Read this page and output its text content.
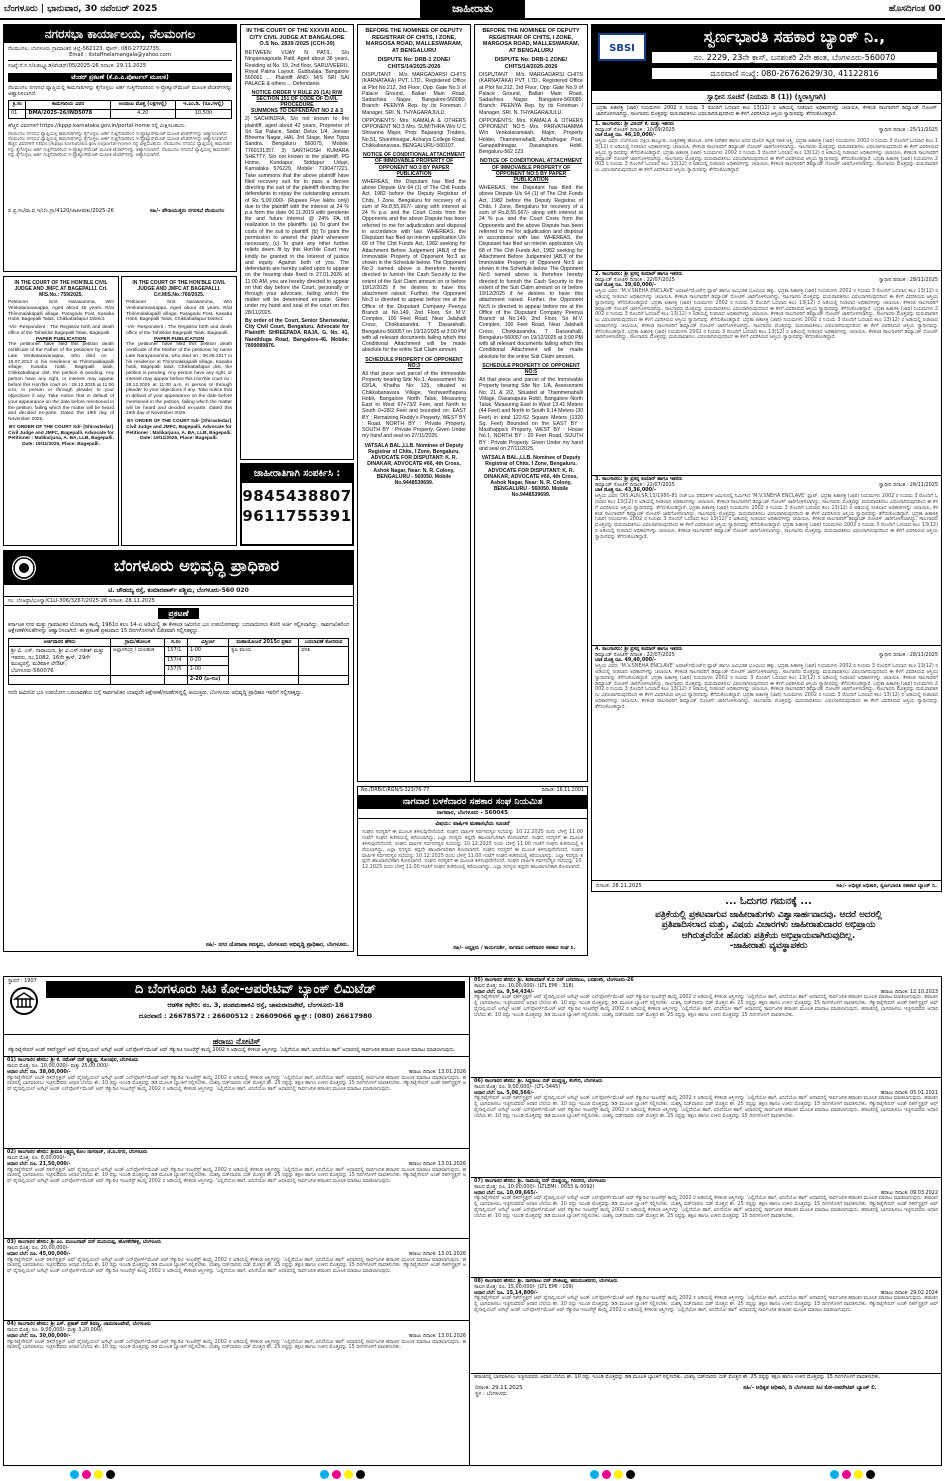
ಬೆಂಗಳೂರು | ಭಾನುವಾರ, 30 ನವೆಂಬರ್ 2025	ಜಾಹೀರಾತು	ಹೊಸದಿಗಂತ 00
ನಗರಸಭಾ ಕಾರ್ಯಾಲಯ, ನೆಲಮಂಗಲ
ನೆಲಮಂಗಲ, ಬೆಂಗಳೂರು ಗ್ರಾಮಾಂತರ ಜಿಲ್ಲೆ-562123, ಫೋನ್: 080-27722735,
Email : itstaffnelamangala@yahoo.com
ಸಂಖ್ಯೆ:ನೆ.ನ.ಸ/ಪಿಡಬ್ಲ್ಯೂಡಿ/ಟೆಂಡರ್/05/2025-26 ದಿನಾಂಕ: 29.11.2025
ಟೆಂಡರ್ ಪ್ರಕಟಣೆ (ಕೆ.ಪಿ.ಪಿ.ಪೋರ್ಟಲ್ ಮೂಲಕ)
ನೆಲಮಂಗಲ ನಗರಸಭೆ ವ್ಯಾಪ್ತಿಯಲ್ಲಿ ಕಾಮಗಾರಿಗಳನ್ನು ಕೈಗೊಳ್ಳಲು ಅರ್ಹ ಗುತ್ತಿಗೆದಾರರಿಂದ ಇ-ಪ್ರೊಕ್ಯೂರ್‌ಮೆಂಟ್ ಮೂಲಕ ಟೆಂಡರ್‌ಗಳನ್ನು ಆಹ್ವಾನಿಸಲಾಗಿದೆ.
ಕ್ರ.ಸಂ	ಕಾಮಗಾರಿಯ ವಿವರ	ಅಂದಾಜು ಮೊತ್ತ (ಲಕ್ಷಗಳಲ್ಲಿ)	ಇ.ಎಂ.ಡಿ. (ರೂ.ಗಳಲ್ಲಿ)
01	DMA/2025-26/IND5078	4.20	10,500
ಹೆಚ್ಚಿನ ವಿವರಗಳಿಗೆ https://kppp.karnataka.gov.in/portal-home ನಲ್ಲಿ ವೀಕ್ಷಿಸಬಹುದು.
ನೆಲಮಂಗಲ ನಗರಸಭೆ ವ್ಯಾಪ್ತಿಯಲ್ಲಿ ಕಾಮಗಾರಿಗಳನ್ನು ಕೈಗೊಳ್ಳಲು ಅರ್ಹ ಗುತ್ತಿಗೆದಾರರಿಂದ ಇ-ಪ್ರೊಕ್ಯೂರ್‌ಮೆಂಟ್ ಮೂಲಕ ಟೆಂಡರ್‌ಗಳನ್ನು ಆಹ್ವಾನಿಸಲಾಗಿದೆ. ನೆಲಮಂಗಲ ನಗರಸಭೆ ವ್ಯಾಪ್ತಿಯಲ್ಲಿ ಕಾಮಗಾರಿಗಳನ್ನು ಕೈಗೊಳ್ಳಲು ಅರ್ಹ ಗುತ್ತಿಗೆದಾರರಿಂದ ಇ-ಪ್ರೊಕ್ಯೂರ್‌ಮೆಂಟ್ ಮೂಲಕ ಟೆಂಡರ್‌ಗಳನ್ನು ಆಹ್ವಾನಿಸಲಾಗಿದೆ. ಹೆಚ್ಚಿನ ವಿವರಗಳಿಗೆ https://kppp.karnataka.gov.in/portal-home ನಲ್ಲಿ ವೀಕ್ಷಿಸಬಹುದು. ನೆಲಮಂಗಲ ನಗರಸಭೆ ವ್ಯಾಪ್ತಿಯಲ್ಲಿ ಕಾಮಗಾರಿಗಳನ್ನು ಕೈಗೊಳ್ಳಲು ಅರ್ಹ ಗುತ್ತಿಗೆದಾರರಿಂದ ಇ-ಪ್ರೊಕ್ಯೂರ್‌ಮೆಂಟ್ ಮೂಲಕ ಟೆಂಡರ್‌ಗಳನ್ನು ಆಹ್ವಾನಿಸಲಾಗಿದೆ. ನೆಲಮಂಗಲ ನಗರಸಭೆ ವ್ಯಾಪ್ತಿಯಲ್ಲಿ ಕಾಮಗಾರಿಗಳನ್ನು ಕೈಗೊಳ್ಳಲು ಅರ್ಹ ಗುತ್ತಿಗೆದಾರರಿಂದ ಇ-ಪ್ರೊಕ್ಯೂರ್‌ಮೆಂಟ್ ಮೂಲಕ ಟೆಂಡರ್‌ಗಳನ್ನು ಆಹ್ವಾನಿಸಲಾಗಿದೆ.
ಪ.ಪ್ರ.ಸಂ/ವಾ.ವ.ಇ/ಬೆಂ.ಗ್ರಾ/4120/ಜಾಹೀರಾತು/2025-26	ಸಹಿ/- ಪೌರಾಯುಕ್ತರು ನಗರಸಭೆ ನೆಲಮಂಗಲ
IN THE COURT OF THE XXXVIII ADDL. CITY CIVIL JUDGE AT BANGALORE O.S No. 2839 /2025 (CCH-39)
BETWEEN: VIJAY N PATIL, S/o Ningannagouda Patil, Aged about 36 years, Residing at No. 19, 2nd floor, SARU/VEERU, Royal Palms Layout, Gubbalala, Bangalore 560061 ... Plaintiff AND: M/S SRI SAI PALACE & others ... Defendants
NOTICE ORDER V RULE 20 (1A) R/W SECTION 151 OF CODE OF CIVIL PROCEDURE
SUMMONS TO DEFENDANT NO 2 & 3
2) SACHINDRA, S/o not known to the plaintiff, aged about 42 years, Proprietor of Sri Sai Palace, Sadar Delux 1/4, Jeevan Bheema Nagar, HAL 3rd Stage, New Tippa Sandra, Bengaluru 560075, Mobile: 7760131357. 3) SANTHOSH KUMARA SHETTY, S/o not known to the plaintiff, PG Home, Kundapur, Siddapur Udupi, Karnataka 576229, Mobile: 7190477221. Take summons that the above plaintiff have filed recovery suit for to pass a decree directing the suit of the plaintiff directing the defendants to repay the outstanding amount of Rs 5,00,000/- (Rupees Five lakhs only) due to the plaintiff with the interest at 24 % p.a form the date 06.11.2019 with pendente lite and future interest @ 24% PA till realization to the plaintiffs. (a) To grant the costs of the suit to plaintiff. (b) To grant the permission to amend the plaint whenever necessary. (c) To grant any other further reliefs deem fit by this Hon'ble Court may kindly be granted in the interest of justice and equity. Against both of you. The defendants are hereby called upon to appear on the hearing date fixed in 27.01.2026 at 11:00 AM, you are hereby directed to appear on that day before the Court, personally or through your advocate, failing which the matter will be determined ex-parte. Given under my hand and seal of the court on this 28/11/2025.
By order of the Court, Senior Sheristedar, City Civil Court, Bengaluru. Advocate for Plaintiff: SHREEPADA RAJA. G, No. 41, Nandiduga Road, Bangalore-46, Mobile: 7899089876.
BEFORE THE NOMINEE OF DEPUTY REGISTRAR OF CHITS, I ZONE, MARGOSA ROAD, MALLESWARAM, AT BENGALURU
DISPUTE No: DRB-1 ZONE/ CHITS/14/2025-2026
DISPUTANT : M/s. MARGADARSI CHITS (KARNATAKA) PVT. LTD., Registered Office at Plot No.212, 3rd Floor, Opp: Gate No.9 of Palace Ground, Ballari Main Road, Sadashiva Nagar, Bangalore-560080. Branch: PEENYA Rep. by its Foreman / Manager, SRI. N. THYAGARAJULU.
OPPONENTS: Mrs. KAMALA & OTHERS OPPONENT NO:3 Mrs. SUMITHRA W/o U C Shivanna Major, Prop: Bajarangi Traders, No.51, Shanthinagar, Acharya College Road, Chikkabanavara, BENGALURU-560107.
NOTICE OF CONDITIONAL ATTACHMENT OF IMMOVABLE PROPERTY OF OPPONENT NO:3 BY PAPER PUBLICATION
WHEREAS, the Disputant has filed the above Dispute U/s 64 (1) of The Chit Funds Act, 1982 before the Deputy Registrar of Chits, I Zone, Bengaluru for recovery of a sum of Rs.8,55,667/- along with interest at 24 % p.a. and the Court Costs from the Opponents and the above Dispute has been referred to me for adjudication and disposal in accordance with law. WHEREAS, the Disputant has filed an interim application U/s 68 of The Chit Funds Act, 1982 seeking for Attachment Before Judgement (ABJ) of the Immovable Property of Opponent No:3 as shown in the Schedule below. The Opponent No:3 named above is therefore hereby directed to furnish the Cash Security to the extent of the Suit Claim amount on or before 19/12/2025 if he desires to have this attachment raised. Further, the Opponent No:3 is directed to appear before me at the Office of the Disputant Company Peenya Branch at No.149, 2nd Floor, Sri M.V. Complex, 100 Feet Road, Near Jalahalli Cross, Chokkasandra, T Dasarahalli, Bengaluru-560057 on 19/12/2025 at 3:00 PM with all relevant documents failing which this Conditional Attachment will be made absolute for the entire Suit Claim amount.
SCHEDULE PROPERTY OF OPPONENT NO:3
All that piece and parcel of the Immovable Property bearing Site No.1, Assessment No: 63/1A, Khatha No: 125, situated at Chikkabanavara Village, Yeshwanthapura Hobli, Bangalore North Taluk, Measuring East to West 67+73/2 Feet, and North to South 0+28/2 Feet and bounded on: EAST BY : Remaining Reddy's Property, WEST BY : Road, NORTH BY : Private Property, SOUTH BY : Private Property. Given Under my hand and seal on 27/11/2025.
VATSALA BAL.,LLB. Nominee of Deputy Registrar of Chits, I Zone, Bengaluru. ADVOCATE FOR DISPUTANT: K. R. DINAKAR, ADVOCATE #66, 4th Cross, Ashok Nagar, Near: N. R. Colony, BENGALURU - 560050. Mobile No.9448539699.
BEFORE THE NOMINEE OF DEPUTY REGISTRAR OF CHITS, I ZONE, MARGOSA ROAD, MALLESWARAM, AT BENGALURU
DISPUTE No: DRB-1 ZONE/ CHITS/14/2025-2026
DISPUTANT : M/s. MARGADARSI CHITS (KARNATAKA) PVT. LTD., Registered Office at Plot No.212, 3rd Floor, Opp: Gate No.9 of Palace Ground, Ballari Main Road, Sadashiva Nagar, Bangalore-560080. Branch: PEENYA Rep. by its Foreman / Manager, SRI. N. THYAGARAJULU.
OPPONENTS: Mrs. KAMALA & OTHERS OPPONENT NO:5 Mrs. PARVATHAMMA W/o Venkataramaiah, Major, Property Holder, Thammenahalli, Adhuthugar Post, Ganapathinagar, Dasanapura Hobli, Bengaluru-562 123.
NOTICE OF CONDITIONAL ATTACHMENT OF IMMOVABLE PROPERTY OF OPPONENT NO:5 BY PAPER PUBLICATION
WHEREAS, the Disputant has filed the above Dispute U/s 64 (1) of The Chit Funds Act, 1982 before the Deputy Registrar of Chits, I Zone, Bengaluru for recovery of a sum of Rs.8,55,667/- along with interest at 24 % p.a. and the Court Costs from the Opponents and the above Dispute has been referred to me for adjudication and disposal in accordance with law. WHEREAS, the Disputant has filed an interim application U/s 68 of The Chit Funds Act, 1982 seeking for Attachment Before Judgement (ABJ) of the Immovable Property of Opponent No:5 as shown in the Schedule below. The Opponent No:5 named above is therefore hereby directed to furnish the Cash Security to the extent of the Suit Claim amount on or before 19/12/2025 if he desires to have this attachment raised. Further, the Opponent No:5 is directed to appear before me at the Office of the Disputant Company Peenya Branch at No.149, 2nd Floor, Sri M.V. Complex, 100 Feet Road, Near Jalahalli Cross, Chokkasandra, T Dasarahalli, Bengaluru-560057 on 19/12/2025 at 3:00 PM with all relevant documents failing which this Conditional Attachment will be made absolute for the entire Suit Claim amount.
SCHEDULE PROPERTY OF OPPONENT NO:5
All that piece and parcel of the Immovable Property bearing Site No: 1/A, Assessment No: 21 & 2/2, Situated at Thammenahalli Village, Dasanapura Hobli, Bangalore North Taluk, Measuring East to West 13.41 Meters (44 Feet) and North to South 9.14 Meters (30 Feet) in total 122.62 Square Meters (1320 Sq. Feet) Bounded on the EAST BY : Masthappa's Property, WEST BY : House No.1, NORTH BY : 20 Feet Road, SOUTH BY : Private Property. Given Under my hand and seal on 27/11/2025.
VATSALA BAL.,LLB. Nominee of Deputy Registrar of Chits, I Zone, Bengaluru. ADVOCATE FOR DISPUTANT: K. R. DINAKAR, ADVOCATE #66, 4th Cross, Ashok Nagar, Near: N. R. Colony, BENGALURU - 560050. Mobile No.9448539699.
SBSI
ಸ್ವರ್ಣಭಾರತಿ ಸಹಕಾರ ಬ್ಯಾಂಕ್ ನಿ.,
ನಂ. 2229, 23ನೇ ಕ್ರಾಸ್, ಬನಶಂಕರಿ 2ನೇ ಹಂತ, ಬೆಂಗಳೂರು-560070
ದೂರವಾಣಿ ಸಂಖ್ಯೆ: 080-26762629/30, 41122816
ಸ್ವಾಧೀನ ಸೂಚನೆ (ನಿಯಮ 8 (1)) (ಸ್ಥಿರಾಸ್ತಿಗಾಗಿ)
ಭದ್ರತಾ ಹಿತಾಸಕ್ತಿ (ಜಾರಿ) ನಿಯಮಗಳು 2002 ರ ನಿಯಮ 3 ರೊಂದಿಗೆ ಓದಲಾದ ಕಲಂ 13(12) ರ ಅಡಿಯಲ್ಲಿ ನೀಡಲಾದ ಅಧಿಕಾರಗಳನ್ನು ಚಲಾಯಿಸಿ, ಕೆಳಕಂಡ ಸಾಲಗಾರರಿಗೆ ಡಿಮ್ಯಾಂಡ್ ನೋಟಿಸ್ ಜಾರಿಗೊಳಿಸಲಾಗಿದ್ದು, ಸಾಲಗಾರರು ಮೊತ್ತವನ್ನು ಮರುಪಾವತಿಸಲು ವಿಫಲರಾಗಿರುವುದರಿಂದ ಈ ಕೆಳಗೆ ವಿವರಿಸಿರುವ ಆಸ್ತಿಯ ಸ್ವಾಧೀನವನ್ನು ತೆಗೆದುಕೊಂಡಿದ್ದಾರೆ.
1. ಸಾಲಗಾರರು: ಶ್ರೀ ವಿನಯ್ ಕೆ. ಮತ್ತು ಇತರರು
ಡಿಮ್ಯಾಂಡ್ ನೋಟಿಸ್ ದಿನಾಂಕ : 10/09/2025	ಸ್ವಾಧೀನ ದಿನಾಂಕ : 25/11/2025
ಬಾಕಿ ಮೊತ್ತ ರೂ. 46,10,000/-
ಆಸ್ತಿಯ ವಿವರ: ಬೆಂಗಳೂರು ದಕ್ಷಿಣ ತಾಲ್ಲೂಕು, ಉತ್ತರಹಳ್ಳಿ ಹೋಬಳಿ, ವಸತಿ ನಿವೇಶನ ಹಾಗೂ ಅದರ ಮೇಲಿನ ಕಟ್ಟಡ ಸಹಿತ ಆಸ್ತಿ. ಭದ್ರತಾ ಹಿತಾಸಕ್ತಿ (ಜಾರಿ) ನಿಯಮಗಳು 2002 ರ ನಿಯಮ 3 ರೊಂದಿಗೆ ಓದಲಾದ ಕಲಂ 13(12) ರ ಅಡಿಯಲ್ಲಿ ನೀಡಲಾದ ಅಧಿಕಾರಗಳನ್ನು ಚಲಾಯಿಸಿ, ಕೆಳಕಂಡ ಸಾಲಗಾರರಿಗೆ ಡಿಮ್ಯಾಂಡ್ ನೋಟಿಸ್ ಜಾರಿಗೊಳಿಸಲಾಗಿದ್ದು, ಸಾಲಗಾರರು ಮೊತ್ತವನ್ನು ಮರುಪಾವತಿಸಲು ವಿಫಲರಾಗಿರುವುದರಿಂದ ಈ ಕೆಳಗೆ ವಿವರಿಸಿರುವ ಆಸ್ತಿಯ ಸ್ವಾಧೀನವನ್ನು ತೆಗೆದುಕೊಂಡಿದ್ದಾರೆ. ಭದ್ರತಾ ಹಿತಾಸಕ್ತಿ (ಜಾರಿ) ನಿಯಮಗಳು 2002 ರ ನಿಯಮ 3 ರೊಂದಿಗೆ ಓದಲಾದ ಕಲಂ 13(12) ರ ಅಡಿಯಲ್ಲಿ ನೀಡಲಾದ ಅಧಿಕಾರಗಳನ್ನು ಚಲಾಯಿಸಿ, ಕೆಳಕಂಡ ಸಾಲಗಾರರಿಗೆ ಡಿಮ್ಯಾಂಡ್ ನೋಟಿಸ್ ಜಾರಿಗೊಳಿಸಲಾಗಿದ್ದು, ಸಾಲಗಾರರು ಮೊತ್ತವನ್ನು ಮರುಪಾವತಿಸಲು ವಿಫಲರಾಗಿರುವುದರಿಂದ ಈ ಕೆಳಗೆ ವಿವರಿಸಿರುವ ಆಸ್ತಿಯ ಸ್ವಾಧೀನವನ್ನು ತೆಗೆದುಕೊಂಡಿದ್ದಾರೆ. ಭದ್ರತಾ ಹಿತಾಸಕ್ತಿ (ಜಾರಿ) ನಿಯಮಗಳು 2002 ರ ನಿಯಮ 3 ರೊಂದಿಗೆ ಓದಲಾದ ಕಲಂ 13(12) ರ ಅಡಿಯಲ್ಲಿ ನೀಡಲಾದ ಅಧಿಕಾರಗಳನ್ನು ಚಲಾಯಿಸಿ, ಕೆಳಕಂಡ ಸಾಲಗಾರರಿಗೆ ಡಿಮ್ಯಾಂಡ್ ನೋಟಿಸ್ ಜಾರಿಗೊಳಿಸಲಾಗಿದ್ದು, ಸಾಲಗಾರರು ಮೊತ್ತವನ್ನು ಮರುಪಾವತಿಸಲು ವಿಫಲರಾಗಿರುವುದರಿಂದ ಈ ಕೆಳಗೆ ವಿವರಿಸಿರುವ ಆಸ್ತಿಯ ಸ್ವಾಧೀನವನ್ನು ತೆಗೆದುಕೊಂಡಿದ್ದಾರೆ.
2. ಸಾಲಗಾರರು: ಶ್ರೀ ಪ್ರಸನ್ನ ಕುಮಾರ್ ಹಾಗೂ ಇತರರು
ಡಿಮ್ಯಾಂಡ್ ನೋಟಿಸ್ ದಿನಾಂಕ : 22/07/2025	ಸ್ವಾಧೀನ ದಿನಾಂಕ : 28/11/2025
ಬಾಕಿ ಮೊತ್ತ ರೂ. 39,60,000/-
ಆಸ್ತಿಯ ವಿವರ: 'M.V.SNEHA ENCLAVE' ಅಪಾರ್ಟ್‌ಮೆಂಟ್‌ನ ಫ್ಲಾಟ್ ಹಾಗೂ ಅವಿಭಜಿತ ಭೂಮಿಯ ಹಕ್ಕು. ಭದ್ರತಾ ಹಿತಾಸಕ್ತಿ (ಜಾರಿ) ನಿಯಮಗಳು 2002 ರ ನಿಯಮ 3 ರೊಂದಿಗೆ ಓದಲಾದ ಕಲಂ 13(12) ರ ಅಡಿಯಲ್ಲಿ ನೀಡಲಾದ ಅಧಿಕಾರಗಳನ್ನು ಚಲಾಯಿಸಿ, ಕೆಳಕಂಡ ಸಾಲಗಾರರಿಗೆ ಡಿಮ್ಯಾಂಡ್ ನೋಟಿಸ್ ಜಾರಿಗೊಳಿಸಲಾಗಿದ್ದು, ಸಾಲಗಾರರು ಮೊತ್ತವನ್ನು ಮರುಪಾವತಿಸಲು ವಿಫಲರಾಗಿರುವುದರಿಂದ ಈ ಕೆಳಗೆ ವಿವರಿಸಿರುವ ಆಸ್ತಿಯ ಸ್ವಾಧೀನವನ್ನು ತೆಗೆದುಕೊಂಡಿದ್ದಾರೆ. ಭದ್ರತಾ ಹಿತಾಸಕ್ತಿ (ಜಾರಿ) ನಿಯಮಗಳು 2002 ರ ನಿಯಮ 3 ರೊಂದಿಗೆ ಓದಲಾದ ಕಲಂ 13(12) ರ ಅಡಿಯಲ್ಲಿ ನೀಡಲಾದ ಅಧಿಕಾರಗಳನ್ನು ಚಲಾಯಿಸಿ, ಕೆಳಕಂಡ ಸಾಲಗಾರರಿಗೆ ಡಿಮ್ಯಾಂಡ್ ನೋಟಿಸ್ ಜಾರಿಗೊಳಿಸಲಾಗಿದ್ದು, ಸಾಲಗಾರರು ಮೊತ್ತವನ್ನು ಮರುಪಾವತಿಸಲು ವಿಫಲರಾಗಿರುವುದರಿಂದ ಈ ಕೆಳಗೆ ವಿವರಿಸಿರುವ ಆಸ್ತಿಯ ಸ್ವಾಧೀನವನ್ನು ತೆಗೆದುಕೊಂಡಿದ್ದಾರೆ. ಭದ್ರತಾ ಹಿತಾಸಕ್ತಿ (ಜಾರಿ) ನಿಯಮಗಳು 2002 ರ ನಿಯಮ 3 ರೊಂದಿಗೆ ಓದಲಾದ ಕಲಂ 13(12) ರ ಅಡಿಯಲ್ಲಿ ನೀಡಲಾದ ಅಧಿಕಾರಗಳನ್ನು ಚಲಾಯಿಸಿ, ಕೆಳಕಂಡ ಸಾಲಗಾರರಿಗೆ ಡಿಮ್ಯಾಂಡ್ ನೋಟಿಸ್ ಜಾರಿಗೊಳಿಸಲಾಗಿದ್ದು, ಸಾಲಗಾರರು ಮೊತ್ತವನ್ನು ಮರುಪಾವತಿಸಲು ವಿಫಲರಾಗಿರುವುದರಿಂದ ಈ ಕೆಳಗೆ ವಿವರಿಸಿರುವ ಆಸ್ತಿಯ ಸ್ವಾಧೀನವನ್ನು ತೆಗೆದುಕೊಂಡಿದ್ದಾರೆ. ಭದ್ರತಾ ಹಿತಾಸಕ್ತಿ (ಜಾರಿ) ನಿಯಮಗಳು 2002 ರ ನಿಯಮ 3 ರೊಂದಿಗೆ ಓದಲಾದ ಕಲಂ 13(12) ರ ಅಡಿಯಲ್ಲಿ ನೀಡಲಾದ ಅಧಿಕಾರಗಳನ್ನು ಚಲಾಯಿಸಿ, ಕೆಳಕಂಡ ಸಾಲಗಾರರಿಗೆ ಡಿಮ್ಯಾಂಡ್ ನೋಟಿಸ್ ಜಾರಿಗೊಳಿಸಲಾಗಿದ್ದು, ಸಾಲಗಾರರು ಮೊತ್ತವನ್ನು ಮರುಪಾವತಿಸಲು ವಿಫಲರಾಗಿರುವುದರಿಂದ ಈ ಕೆಳಗೆ ವಿವರಿಸಿರುವ ಆಸ್ತಿಯ ಸ್ವಾಧೀನವನ್ನು ತೆಗೆದುಕೊಂಡಿದ್ದಾರೆ. ಭದ್ರತಾ ಹಿತಾಸಕ್ತಿ (ಜಾರಿ) ನಿಯಮಗಳು 2002 ರ ನಿಯಮ 3 ರೊಂದಿಗೆ ಓದಲಾದ ಕಲಂ 13(12) ರ ಅಡಿಯಲ್ಲಿ ನೀಡಲಾದ ಅಧಿಕಾರಗಳನ್ನು ಚಲಾಯಿಸಿ, ಕೆಳಕಂಡ ಸಾಲಗಾರರಿಗೆ ಡಿಮ್ಯಾಂಡ್ ನೋಟಿಸ್ ಜಾರಿಗೊಳಿಸಲಾಗಿದ್ದು, ಸಾಲಗಾರರು ಮೊತ್ತವನ್ನು ಮರುಪಾವತಿಸಲು ವಿಫಲರಾಗಿರುವುದರಿಂದ ಈ ಕೆಳಗೆ ವಿವರಿಸಿರುವ ಆಸ್ತಿಯ ಸ್ವಾಧೀನವನ್ನು ತೆಗೆದುಕೊಂಡಿದ್ದಾರೆ.
3. ಸಾಲಗಾರರು: ಶ್ರೀ ಪ್ರಸನ್ನ ಕುಮಾರ್ ಹಾಗೂ ಇತರರು
ಡಿಮ್ಯಾಂಡ್ ನೋಟಿಸ್ ದಿನಾಂಕ : 22/07/2025	ಸ್ವಾಧೀನ ದಿನಾಂಕ : 28/11/2025
ಬಾಕಿ ಮೊತ್ತ ರೂ. 43,36,000/-
ಆಸ್ತಿಯ ವಿವರ: DIS.ALN.SR.13/1980-81 ರಂತೆ ಭೂ ಪರಿವರ್ತಿತ ಜಮೀನಿನಲ್ಲಿ ನಿರ್ಮಿಸಿದ 'M.V.SNEHA ENCLAVE' ಫ್ಲಾಟ್. ಭದ್ರತಾ ಹಿತಾಸಕ್ತಿ (ಜಾರಿ) ನಿಯಮಗಳು 2002 ರ ನಿಯಮ 3 ರೊಂದಿಗೆ ಓದಲಾದ ಕಲಂ 13(12) ರ ಅಡಿಯಲ್ಲಿ ನೀಡಲಾದ ಅಧಿಕಾರಗಳನ್ನು ಚಲಾಯಿಸಿ, ಕೆಳಕಂಡ ಸಾಲಗಾರರಿಗೆ ಡಿಮ್ಯಾಂಡ್ ನೋಟಿಸ್ ಜಾರಿಗೊಳಿಸಲಾಗಿದ್ದು, ಸಾಲಗಾರರು ಮೊತ್ತವನ್ನು ಮರುಪಾವತಿಸಲು ವಿಫಲರಾಗಿರುವುದರಿಂದ ಈ ಕೆಳಗೆ ವಿವರಿಸಿರುವ ಆಸ್ತಿಯ ಸ್ವಾಧೀನವನ್ನು ತೆಗೆದುಕೊಂಡಿದ್ದಾರೆ. ಭದ್ರತಾ ಹಿತಾಸಕ್ತಿ (ಜಾರಿ) ನಿಯಮಗಳು 2002 ರ ನಿಯಮ 3 ರೊಂದಿಗೆ ಓದಲಾದ ಕಲಂ 13(12) ರ ಅಡಿಯಲ್ಲಿ ನೀಡಲಾದ ಅಧಿಕಾರಗಳನ್ನು ಚಲಾಯಿಸಿ, ಕೆಳಕಂಡ ಸಾಲಗಾರರಿಗೆ ಡಿಮ್ಯಾಂಡ್ ನೋಟಿಸ್ ಜಾರಿಗೊಳಿಸಲಾಗಿದ್ದು, ಸಾಲಗಾರರು ಮೊತ್ತವನ್ನು ಮರುಪಾವತಿಸಲು ವಿಫಲರಾಗಿರುವುದರಿಂದ ಈ ಕೆಳಗೆ ವಿವರಿಸಿರುವ ಆಸ್ತಿಯ ಸ್ವಾಧೀನವನ್ನು ತೆಗೆದುಕೊಂಡಿದ್ದಾರೆ. ಭದ್ರತಾ ಹಿತಾಸಕ್ತಿ (ಜಾರಿ) ನಿಯಮಗಳು 2002 ರ ನಿಯಮ 3 ರೊಂದಿಗೆ ಓದಲಾದ ಕಲಂ 13(12) ರ ಅಡಿಯಲ್ಲಿ ನೀಡಲಾದ ಅಧಿಕಾರಗಳನ್ನು ಚಲಾಯಿಸಿ, ಕೆಳಕಂಡ ಸಾಲಗಾರರಿಗೆ ಡಿಮ್ಯಾಂಡ್ ನೋಟಿಸ್ ಜಾರಿಗೊಳಿಸಲಾಗಿದ್ದು, ಸಾಲಗಾರರು ಮೊತ್ತವನ್ನು ಮರುಪಾವತಿಸಲು ವಿಫಲರಾಗಿರುವುದರಿಂದ ಈ ಕೆಳಗೆ ವಿವರಿಸಿರುವ ಆಸ್ತಿಯ ಸ್ವಾಧೀನವನ್ನು ತೆಗೆದುಕೊಂಡಿದ್ದಾರೆ. ಭದ್ರತಾ ಹಿತಾಸಕ್ತಿ (ಜಾರಿ) ನಿಯಮಗಳು 2002 ರ ನಿಯಮ 3 ರೊಂದಿಗೆ ಓದಲಾದ ಕಲಂ 13(12) ರ ಅಡಿಯಲ್ಲಿ ನೀಡಲಾದ ಅಧಿಕಾರಗಳನ್ನು ಚಲಾಯಿಸಿ, ಕೆಳಕಂಡ ಸಾಲಗಾರರಿಗೆ ಡಿಮ್ಯಾಂಡ್ ನೋಟಿಸ್ ಜಾರಿಗೊಳಿಸಲಾಗಿದ್ದು, ಸಾಲಗಾರರು ಮೊತ್ತವನ್ನು ಮರುಪಾವತಿಸಲು ವಿಫಲರಾಗಿರುವುದರಿಂದ ಈ ಕೆಳಗೆ ವಿವರಿಸಿರುವ ಆಸ್ತಿಯ ಸ್ವಾಧೀನವನ್ನು ತೆಗೆದುಕೊಂಡಿದ್ದಾರೆ.
4. ಸಾಲಗಾರರು: ಶ್ರೀ ಪ್ರಸನ್ನ ಕುಮಾರ್ ಹಾಗೂ ಇತರರು
ಡಿಮ್ಯಾಂಡ್ ನೋಟಿಸ್ ದಿನಾಂಕ : 22/07/2025	ಸ್ವಾಧೀನ ದಿನಾಂಕ : 28/11/2025
ಬಾಕಿ ಮೊತ್ತ ರೂ. 49,40,000/-
ಆಸ್ತಿಯ ವಿವರ: 'M.V.SNEHA ENCLAVE' ಅಪಾರ್ಟ್‌ಮೆಂಟ್‌ನ ಫ್ಲಾಟ್ ಹಾಗೂ ಅವಿಭಜಿತ ಭೂಮಿಯ ಹಕ್ಕು. ಭದ್ರತಾ ಹಿತಾಸಕ್ತಿ (ಜಾರಿ) ನಿಯಮಗಳು 2002 ರ ನಿಯಮ 3 ರೊಂದಿಗೆ ಓದಲಾದ ಕಲಂ 13(12) ರ ಅಡಿಯಲ್ಲಿ ನೀಡಲಾದ ಅಧಿಕಾರಗಳನ್ನು ಚಲಾಯಿಸಿ, ಕೆಳಕಂಡ ಸಾಲಗಾರರಿಗೆ ಡಿಮ್ಯಾಂಡ್ ನೋಟಿಸ್ ಜಾರಿಗೊಳಿಸಲಾಗಿದ್ದು, ಸಾಲಗಾರರು ಮೊತ್ತವನ್ನು ಮರುಪಾವತಿಸಲು ವಿಫಲರಾಗಿರುವುದರಿಂದ ಈ ಕೆಳಗೆ ವಿವರಿಸಿರುವ ಆಸ್ತಿಯ ಸ್ವಾಧೀನವನ್ನು ತೆಗೆದುಕೊಂಡಿದ್ದಾರೆ. ಭದ್ರತಾ ಹಿತಾಸಕ್ತಿ (ಜಾರಿ) ನಿಯಮಗಳು 2002 ರ ನಿಯಮ 3 ರೊಂದಿಗೆ ಓದಲಾದ ಕಲಂ 13(12) ರ ಅಡಿಯಲ್ಲಿ ನೀಡಲಾದ ಅಧಿಕಾರಗಳನ್ನು ಚಲಾಯಿಸಿ, ಕೆಳಕಂಡ ಸಾಲಗಾರರಿಗೆ ಡಿಮ್ಯಾಂಡ್ ನೋಟಿಸ್ ಜಾರಿಗೊಳಿಸಲಾಗಿದ್ದು, ಸಾಲಗಾರರು ಮೊತ್ತವನ್ನು ಮರುಪಾವತಿಸಲು ವಿಫಲರಾಗಿರುವುದರಿಂದ ಈ ಕೆಳಗೆ ವಿವರಿಸಿರುವ ಆಸ್ತಿಯ ಸ್ವಾಧೀನವನ್ನು ತೆಗೆದುಕೊಂಡಿದ್ದಾರೆ. ಭದ್ರತಾ ಹಿತಾಸಕ್ತಿ (ಜಾರಿ) ನಿಯಮಗಳು 2002 ರ ನಿಯಮ 3 ರೊಂದಿಗೆ ಓದಲಾದ ಕಲಂ 13(12) ರ ಅಡಿಯಲ್ಲಿ ನೀಡಲಾದ ಅಧಿಕಾರಗಳನ್ನು ಚಲಾಯಿಸಿ, ಕೆಳಕಂಡ ಸಾಲಗಾರರಿಗೆ ಡಿಮ್ಯಾಂಡ್ ನೋಟಿಸ್ ಜಾರಿಗೊಳಿಸಲಾಗಿದ್ದು, ಸಾಲಗಾರರು ಮೊತ್ತವನ್ನು ಮರುಪಾವತಿಸಲು ವಿಫಲರಾಗಿರುವುದರಿಂದ ಈ ಕೆಳಗೆ ವಿವರಿಸಿರುವ ಆಸ್ತಿಯ ಸ್ವಾಧೀನವನ್ನು ತೆಗೆದುಕೊಂಡಿದ್ದಾರೆ. ಭದ್ರತಾ ಹಿತಾಸಕ್ತಿ (ಜಾರಿ) ನಿಯಮಗಳು 2002 ರ ನಿಯಮ 3 ರೊಂದಿಗೆ ಓದಲಾದ ಕಲಂ 13(12) ರ ಅಡಿಯಲ್ಲಿ ನೀಡಲಾದ ಅಧಿಕಾರಗಳನ್ನು ಚಲಾಯಿಸಿ, ಕೆಳಕಂಡ ಸಾಲಗಾರರಿಗೆ ಡಿಮ್ಯಾಂಡ್ ನೋಟಿಸ್ ಜಾರಿಗೊಳಿಸಲಾಗಿದ್ದು, ಸಾಲಗಾರರು ಮೊತ್ತವನ್ನು ಮರುಪಾವತಿಸಲು ವಿಫಲರಾಗಿರುವುದರಿಂದ ಈ ಕೆಳಗೆ ವಿವರಿಸಿರುವ ಆಸ್ತಿಯ ಸ್ವಾಧೀನವನ್ನು ತೆಗೆದುಕೊಂಡಿದ್ದಾರೆ.
ದಿನಾಂಕ: 28.11.2025	ಸಹಿ/- ಅಧಿಕೃತ ಅಧಿಕಾರಿ, ಸ್ವರ್ಣಭಾರತಿ ಸಹಕಾರ ಬ್ಯಾಂಕ್ ನಿ.
IN THE COURT OF THE HON'BLE CIVIL JUDGE AND JMFC AT BAGEPALLI. Crl. MIS.No.: 759/2025.
Petitioner : Smt. Narasamma, W/o Venkataravanappa, Aged about 45 years, R/at Thimmalakapalli village, Paragodu Post, Kasaba Hobli, Bagepalli Taluk, Chikkaballapur District.
-VS- Respondent : The Registrar birth and death office of the Tahsildar Bagepalli Taluk, Bagepalli.
PAPER PUBLICATION
The petitioner have filed this petition death certificate of the Father of the petitioner by name Late Venkataravanappa, who died on : 15.07.2013 in his residence at Thimmalakapalli village, Kasaba hobli, Bagepalli taluk, Chikkaballapur dist, the petition is pending. Any person have any right, or interest may appear before this Hon'ble court on : 28.12.2025 at 11:00 a.m, in person or through pleader to your objections if any. Take notice that in default of your appearance on the date before mentioned in the petition, failing which the matter will be heard and decided ex-parte. Dated this 19th day of November 2025.
BY ORDER OF THE COURT Sd/- [Shirastedar] Civil Judge and JMFC, Bagepalli. Advocate for Petitioner : Malikarjuna, A. BA, LLB, Bagepalli. Date: 19/11/2025, Place: Bagepalli.
IN THE COURT OF THE HON'BLE CIVIL JUDGE AND JMFC AT BAGEPALLI. Crl.MIS.No.:760/2025.
Petitioner : Smt. Narasamma, W/o Venkataravanappa, Aged about 45 years, R/at Thimmalakapalli village, Paragodu Post, Kasaba Hobli, Bagepalli Taluk, Chikkaballapur District.
-VS- Respondent : The Registrar birth and death office of the Tahsildar Bagepalli Taluk, Bagepalli.
PAPER PUBLICATION
The petitioner have filed this petition death certificate of the Mother of the petitioner by name Late Narayanamma, who died on : 06.08.2017 in his residence at Thimmalakapalli village, Kasaba hobli, Bagepalli taluk, Chikkaballapur dist, the petition is pending. Any person have any right, or interest may appear before this Hon'ble court on : 28.12.2025 at 11:00 a.m, in person or through pleader to your objections if any. Take notice that in default of your appearance on the date before mentioned in the petition, failing which the matter will be heard and decided ex-parte. Dated this 19th day of November 2025.
BY ORDER OF THE COURT Sd/- [Shirastedar] Civil Judge and JMFC, Bagepalli. Advocate for Petitioner : Malikarjuna, A. BA, LLB, Bagepalli. Date: 19/11/2025, Place: Bagepalli.
ಜಾಹೀರಾತಿಗಾಗಿ ಸಂಪರ್ಕಿಸಿ :
9845438807
9611755391
ಬೆಂಗಳೂರು ಅಭಿವೃದ್ಧಿ ಪ್ರಾಧಿಕಾರ
ಟಿ. ಚೌಡಯ್ಯ ರಸ್ತೆ, ಕುಮಾರಪಾರ್ಕ್ ಪಶ್ಚಿಮ, ಬೆಂಗಳೂರು-560 020
ಸಂ: ಬೆಂಅಪ್ರಾ/ಭೂಸ್ವಾ/CLU-306/3267/2025-26 ದಿನಾಂಕ: 28.11.2025
ಪ್ರಕಟಣೆ
ಕರ್ನಾಟಕ ನಗರ ಮತ್ತು ಗ್ರಾಮಾಂತರ ಯೋಜನಾ ಕಾಯ್ದೆ 1961ರ ಕಲಂ 14-ಎ ಅಡಿಯಲ್ಲಿ ಈ ಕೆಳಕಂಡ ಜಮೀನಿನ ಭೂ ಉಪಯೋಗವನ್ನು ಬದಲಾಯಿಸಲು ಕೋರಿ ಅರ್ಜಿ ಸಲ್ಲಿಸಲಾಗಿದ್ದು, ಸಾರ್ವಜನಿಕರಿಂದ ಆಕ್ಷೇಪಣೆ/ಸಲಹೆಗಳನ್ನು ಆಹ್ವಾನಿಸಲಾಗಿದೆ. ಈ ಪ್ರಕಟಣೆ ಪ್ರಕಟವಾದ 15 ದಿನಗಳೊಳಗಾಗಿ ಲಿಖಿತವಾಗಿ ಸಲ್ಲಿಸತಕ್ಕದ್ದು.
ಅರ್ಜಿದಾರರ ಹೆಸರು	ಗ್ರಾಮ/ಹೋಬಳಿ	ಸ.ನಂ	ವಿಸ್ತೀರ್ಣ	ಮಹಾಯೋಜನೆ 2015ರ ಪ್ರಕಾರ	ಬದಲಾವಣೆ ಕೋರಿರುವ
ಶ್ರೀ ವಿ. ಎಸ್. ನಾರಾಯಣ, ಶ್ರೀ ವಿ.ಎಸ್.ಸತೀಶ್ ಮತ್ತು ಇತರರು, ನಂ.1082, 16ನೇ ಕ್ರಾಸ್, 29ನೇ ಮುಖ್ಯರಸ್ತೆ, ಮಡಿವಾಳ ಲೇಔಟ್, ಬೆಂಗಳೂರು-560076	ಅಲ್ಲಾಳಸಂದ್ರ / ಯಲಹಂಕ	157/1	1-00	ಕೃಷಿ ವಲಯ	ವಸತಿ
		157/4	0-20		
		157/5	1-00		
			2-20 (ಎ-ಗುಂ)		
ಸದರಿ ಜಮೀನಿನ ಭೂ ಉಪಯೋಗ ಬದಲಾವಣೆಯ ಬಗ್ಗೆ ಸಾರ್ವಜನಿಕರ ಯಾವುದೇ ಆಕ್ಷೇಪಣೆ/ಸಲಹೆಗಳಿದ್ದಲ್ಲಿ ಆಯುಕ್ತರು, ಬೆಂಗಳೂರು ಅಭಿವೃದ್ಧಿ ಪ್ರಾಧಿಕಾರ ಇವರಿಗೆ ಸಲ್ಲಿಸತಕ್ಕದ್ದು.
ಸಹಿ/- ನಗರ ಯೋಜನಾ ಸದಸ್ಯರು, ಬೆಂಗಳೂರು ಅಭಿವೃದ್ಧಿ ಪ್ರಾಧಿಕಾರ, ಬೆಂಗಳೂರು.
No./DRB/C/RGN/S-323/76-77	ದಿನಾಂಕ: 16.11.2001
ನಾಗವಾರ ಬಳಕೆದಾರರ ಸಹಕಾರ ಸಂಘ ನಿಯಮಿತ
ನಾಗವಾರ, ಬೆಂಗಳೂರು - 560045
ವಿಷಯ: ವಾರ್ಷಿಕ ಮಹಾಸಭೆಯ ಸೂಚನೆ
ಸಂಘದ ಸದಸ್ಯರಿಗೆ ಈ ಮೂಲಕ ತಿಳಿಸುವುದೇನೆಂದರೆ, ಸಂಘದ ವಾರ್ಷಿಕ ಸರ್ವಸದಸ್ಯರ ಸಭೆಯನ್ನು 10.12.2025 ರಂದು ಬೆಳಿಗ್ಗೆ 11.00 ಗಂಟೆಗೆ ಸಂಘದ ಕಚೇರಿಯಲ್ಲಿ ಕರೆಯಲಾಗಿದ್ದು, ಎಲ್ಲಾ ಸದಸ್ಯರು ತಪ್ಪದೇ ಹಾಜರಾಗಬೇಕಾಗಿ ಕೋರಲಾಗಿದೆ. ಸಂಘದ ಸದಸ್ಯರಿಗೆ ಈ ಮೂಲಕ ತಿಳಿಸುವುದೇನೆಂದರೆ, ಸಂಘದ ವಾರ್ಷಿಕ ಸರ್ವಸದಸ್ಯರ ಸಭೆಯನ್ನು 10.12.2025 ರಂದು ಬೆಳಿಗ್ಗೆ 11.00 ಗಂಟೆಗೆ ಸಂಘದ ಕಚೇರಿಯಲ್ಲಿ ಕರೆಯಲಾಗಿದ್ದು, ಎಲ್ಲಾ ಸದಸ್ಯರು ತಪ್ಪದೇ ಹಾಜರಾಗಬೇಕಾಗಿ ಕೋರಲಾಗಿದೆ. ಸಂಘದ ಸದಸ್ಯರಿಗೆ ಈ ಮೂಲಕ ತಿಳಿಸುವುದೇನೆಂದರೆ, ಸಂಘದ ವಾರ್ಷಿಕ ಸರ್ವಸದಸ್ಯರ ಸಭೆಯನ್ನು 10.12.2025 ರಂದು ಬೆಳಿಗ್ಗೆ 11.00 ಗಂಟೆಗೆ ಸಂಘದ ಕಚೇರಿಯಲ್ಲಿ ಕರೆಯಲಾಗಿದ್ದು, ಎಲ್ಲಾ ಸದಸ್ಯರು ತಪ್ಪದೇ ಹಾಜರಾಗಬೇಕಾಗಿ ಕೋರಲಾಗಿದೆ. ಸಂಘದ ಸದಸ್ಯರಿಗೆ ಈ ಮೂಲಕ ತಿಳಿಸುವುದೇನೆಂದರೆ, ಸಂಘದ ವಾರ್ಷಿಕ ಸರ್ವಸದಸ್ಯರ ಸಭೆಯನ್ನು 10.12.2025 ರಂದು ಬೆಳಿಗ್ಗೆ 11.00 ಗಂಟೆಗೆ ಸಂಘದ ಕಚೇರಿಯಲ್ಲಿ ಕರೆಯಲಾಗಿದ್ದು, ಎಲ್ಲಾ ಸದಸ್ಯರು ತಪ್ಪದೇ ಹಾಜರಾಗಬೇಕಾಗಿ ಕೋರಲಾಗಿದೆ.
ಸಹಿ/- ಅಧ್ಯಕ್ಷರು / ಕಾರ್ಯದರ್ಶಿ, ನಾಗವಾರ ಬಳಕೆದಾರರ ಸಹಕಾರ ಸಂಘ ನಿ.
... ಓದುಗರ ಗಮನಕ್ಕೆ ...
ಪತ್ರಿಕೆಯಲ್ಲಿ ಪ್ರಕಟವಾಗುವ ಜಾಹೀರಾತುಗಳು ವಿಶ್ವಾಸಾರ್ಹವಾದವು. ಆದರೆ ಅದರಲ್ಲಿ
ಪ್ರತಿಪಾದಿಸಲಾದ ಮತ್ತು, ವಿಷಯ ವಿಚಾರಗಳು ಜಾಹೀರಾತುದಾರರ ಅಭಿಪ್ರಾಯ
ಆಗಿರುತ್ತವೆಯೇ ಹೊರತು ಪತ್ರಿಕೆಯ ಅಭಿಪ್ರಾಯವಾಗಿರುವುದಿಲ್ಲ.
-ಜಾಹೀರಾತು ವ್ಯವಸ್ಥಾಪಕರು
ಸ್ಥಾಪನೆ : 1907
ದಿ ಬೆಂಗಳೂರು ಸಿಟಿ ಕೋ-ಆಪರೇಟಿವ್ ಬ್ಯಾಂಕ್ ಲಿಮಿಟೆಡ್
ಆಡಳಿತ ಕಛೇರಿ: ನಂ. 3, ಪಂಪಮಹಾಕವಿ ರಸ್ತೆ, ಚಾಮರಾಜಪೇಟೆ, ಬೆಂಗಳೂರು-18
ದೂರವಾಣಿ : 26678572 : 26600512 : 26609066 ಫ್ಯಾಕ್ಸ್ : (080) 26617980
ಹರಾಜು ನೋಟಿಸ್
ಸೆಕ್ಯುರಿಟೈಸೇಷನ್ ಅಂಡ್ ರಿಕನ್‌ಸ್ಟ್ರಕ್ಷನ್ ಆಫ್ ಫೈನಾನ್ಷಿಯಲ್ ಅಸೆಟ್ಸ್ ಅಂಡ್ ಎನ್‌ಫೋರ್ಸ್‌ಮೆಂಟ್ ಆಫ್ ಸೆಕ್ಯುರಿಟಿ ಇಂಟರೆಸ್ಟ್ ಕಾಯ್ದೆ 2002 ರ ಅಡಿಯಲ್ಲಿ ಕೆಳಕಂಡ ಆಸ್ತಿಗಳನ್ನು 'ಎಲ್ಲಿದೆಯೋ ಹಾಗೆ, ಏನಿದೆಯೋ ಹಾಗೆ' ಆಧಾರದಲ್ಲಿ ಸಾರ್ವಜನಿಕ ಹರಾಜಿನ ಮೂಲಕ ಮಾರಾಟ ಮಾಡಲಾಗುವುದು.
01) ಸಾಲಗಾರರ ಹೆಸರು: ಶ್ರೀ ಕೆ. ರಮೇಶ್ ಬಿನ್ ಕೃಷ್ಣಪ್ಪ, ಸೋಂಪುರ, ಬೆಂಗಳೂರು
ಸಾಲದ ಮೊತ್ತ: ರೂ. 10,00,000/- ಮತ್ತು 25,00,000/-
ಆಧಾರ ಬೆಲೆ: ರೂ. 38,00,000/-	ಹರಾಜು ದಿನಾಂಕ: 13.01.2026
ಸೆಕ್ಯುರಿಟೈಸೇಷನ್ ಅಂಡ್ ರಿಕನ್‌ಸ್ಟ್ರಕ್ಷನ್ ಆಫ್ ಫೈನಾನ್ಷಿಯಲ್ ಅಸೆಟ್ಸ್ ಅಂಡ್ ಎನ್‌ಫೋರ್ಸ್‌ಮೆಂಟ್ ಆಫ್ ಸೆಕ್ಯುರಿಟಿ ಇಂಟರೆಸ್ಟ್ ಕಾಯ್ದೆ 2002 ರ ಅಡಿಯಲ್ಲಿ ಕೆಳಕಂಡ ಆಸ್ತಿಗಳನ್ನು 'ಎಲ್ಲಿದೆಯೋ ಹಾಗೆ, ಏನಿದೆಯೋ ಹಾಗೆ' ಆಧಾರದಲ್ಲಿ ಸಾರ್ವಜನಿಕ ಹರಾಜಿನ ಮೂಲಕ ಮಾರಾಟ ಮಾಡಲಾಗುವುದು. ಹರಾಜಿನಲ್ಲಿ ಭಾಗವಹಿಸಲು ಇಚ್ಛಿಸುವವರು ಆಧಾರ ಬೆಲೆಯ ಶೇ. 10 ರಷ್ಟು ಇಎಂಡಿ ಮೊತ್ತವನ್ನು ಡಿಡಿ ಮೂಲಕ ಬ್ಯಾಂಕಿಗೆ ಸಲ್ಲಿಸಬೇಕು. ಯಶಸ್ವಿ ಬಿಡ್‌ದಾರರು ಬಿಡ್ ಮೊತ್ತದ ಶೇ. 25 ರಷ್ಟನ್ನು ತಕ್ಷಣ ಹಾಗೂ ಉಳಿದ ಮೊತ್ತವನ್ನು 15 ದಿನಗಳೊಳಗೆ ಪಾವತಿಸಬೇಕು. ಸೆಕ್ಯುರಿಟೈಸೇಷನ್ ಅಂಡ್ ರಿಕನ್‌ಸ್ಟ್ರಕ್ಷನ್ ಆಫ್ ಫೈನಾನ್ಷಿಯಲ್ ಅಸೆಟ್ಸ್ ಅಂಡ್ ಎನ್‌ಫೋರ್ಸ್‌ಮೆಂಟ್ ಆಫ್ ಸೆಕ್ಯುರಿಟಿ ಇಂಟರೆಸ್ಟ್ ಕಾಯ್ದೆ 2002 ರ ಅಡಿಯಲ್ಲಿ ಕೆಳಕಂಡ ಆಸ್ತಿಗಳನ್ನು 'ಎಲ್ಲಿದೆಯೋ ಹಾಗೆ, ಏನಿದೆಯೋ ಹಾಗೆ' ಆಧಾರದಲ್ಲಿ ಸಾರ್ವಜನಿಕ ಹರಾಜಿನ ಮೂಲಕ ಮಾರಾಟ ಮಾಡಲಾಗುವುದು.
02) ಸಾಲಗಾರರ ಹೆಸರು: ಶ್ರೀಮತಿ ಲಕ್ಷ್ಮಮ್ಮ ಕೋಂ ನಾಗರಾಜ್, ಜೆ.ಪಿ.ನಗರ, ಬೆಂಗಳೂರು
ಸಾಲದ ಮೊತ್ತ: ರೂ. 8,00,000/-
ಆಧಾರ ಬೆಲೆ: ರೂ. 21,50,000/-	ಹರಾಜು ದಿನಾಂಕ: 13.01.2026
ಸೆಕ್ಯುರಿಟೈಸೇಷನ್ ಅಂಡ್ ರಿಕನ್‌ಸ್ಟ್ರಕ್ಷನ್ ಆಫ್ ಫೈನಾನ್ಷಿಯಲ್ ಅಸೆಟ್ಸ್ ಅಂಡ್ ಎನ್‌ಫೋರ್ಸ್‌ಮೆಂಟ್ ಆಫ್ ಸೆಕ್ಯುರಿಟಿ ಇಂಟರೆಸ್ಟ್ ಕಾಯ್ದೆ 2002 ರ ಅಡಿಯಲ್ಲಿ ಕೆಳಕಂಡ ಆಸ್ತಿಗಳನ್ನು 'ಎಲ್ಲಿದೆಯೋ ಹಾಗೆ, ಏನಿದೆಯೋ ಹಾಗೆ' ಆಧಾರದಲ್ಲಿ ಸಾರ್ವಜನಿಕ ಹರಾಜಿನ ಮೂಲಕ ಮಾರಾಟ ಮಾಡಲಾಗುವುದು. ಹರಾಜಿನಲ್ಲಿ ಭಾಗವಹಿಸಲು ಇಚ್ಛಿಸುವವರು ಆಧಾರ ಬೆಲೆಯ ಶೇ. 10 ರಷ್ಟು ಇಎಂಡಿ ಮೊತ್ತವನ್ನು ಡಿಡಿ ಮೂಲಕ ಬ್ಯಾಂಕಿಗೆ ಸಲ್ಲಿಸಬೇಕು. ಯಶಸ್ವಿ ಬಿಡ್‌ದಾರರು ಬಿಡ್ ಮೊತ್ತದ ಶೇ. 25 ರಷ್ಟನ್ನು ತಕ್ಷಣ ಹಾಗೂ ಉಳಿದ ಮೊತ್ತವನ್ನು 15 ದಿನಗಳೊಳಗೆ ಪಾವತಿಸಬೇಕು. ಸೆಕ್ಯುರಿಟೈಸೇಷನ್ ಅಂಡ್ ರಿಕನ್‌ಸ್ಟ್ರಕ್ಷನ್ ಆಫ್ ಫೈನಾನ್ಷಿಯಲ್ ಅಸೆಟ್ಸ್ ಅಂಡ್ ಎನ್‌ಫೋರ್ಸ್‌ಮೆಂಟ್ ಆಫ್ ಸೆಕ್ಯುರಿಟಿ ಇಂಟರೆಸ್ಟ್ ಕಾಯ್ದೆ 2002 ರ ಅಡಿಯಲ್ಲಿ ಕೆಳಕಂಡ ಆಸ್ತಿಗಳನ್ನು 'ಎಲ್ಲಿದೆಯೋ ಹಾಗೆ, ಏನಿದೆಯೋ ಹಾಗೆ' ಆಧಾರದಲ್ಲಿ ಸಾರ್ವಜನಿಕ ಹರಾಜಿನ ಮೂಲಕ ಮಾರಾಟ ಮಾಡಲಾಗುವುದು.
03) ಸಾಲಗಾರರ ಹೆಸರು: ಶ್ರೀ ಎಂ. ಮಂಜುನಾಥ್ ಬಿನ್ ಮುನಿಯಪ್ಪ, ಹೊಸಕೆರೆಹಳ್ಳಿ, ಬೆಂಗಳೂರು
ಸಾಲದ ಮೊತ್ತ: ರೂ. 20,00,000/-
ಆಧಾರ ಬೆಲೆ: ರೂ. 45,00,000/-	ಹರಾಜು ದಿನಾಂಕ: 13.01.2026
ಸೆಕ್ಯುರಿಟೈಸೇಷನ್ ಅಂಡ್ ರಿಕನ್‌ಸ್ಟ್ರಕ್ಷನ್ ಆಫ್ ಫೈನಾನ್ಷಿಯಲ್ ಅಸೆಟ್ಸ್ ಅಂಡ್ ಎನ್‌ಫೋರ್ಸ್‌ಮೆಂಟ್ ಆಫ್ ಸೆಕ್ಯುರಿಟಿ ಇಂಟರೆಸ್ಟ್ ಕಾಯ್ದೆ 2002 ರ ಅಡಿಯಲ್ಲಿ ಕೆಳಕಂಡ ಆಸ್ತಿಗಳನ್ನು 'ಎಲ್ಲಿದೆಯೋ ಹಾಗೆ, ಏನಿದೆಯೋ ಹಾಗೆ' ಆಧಾರದಲ್ಲಿ ಸಾರ್ವಜನಿಕ ಹರಾಜಿನ ಮೂಲಕ ಮಾರಾಟ ಮಾಡಲಾಗುವುದು. ಹರಾಜಿನಲ್ಲಿ ಭಾಗವಹಿಸಲು ಇಚ್ಛಿಸುವವರು ಆಧಾರ ಬೆಲೆಯ ಶೇ. 10 ರಷ್ಟು ಇಎಂಡಿ ಮೊತ್ತವನ್ನು ಡಿಡಿ ಮೂಲಕ ಬ್ಯಾಂಕಿಗೆ ಸಲ್ಲಿಸಬೇಕು. ಯಶಸ್ವಿ ಬಿಡ್‌ದಾರರು ಬಿಡ್ ಮೊತ್ತದ ಶೇ. 25 ರಷ್ಟನ್ನು ತಕ್ಷಣ ಹಾಗೂ ಉಳಿದ ಮೊತ್ತವನ್ನು 15 ದಿನಗಳೊಳಗೆ ಪಾವತಿಸಬೇಕು. ಸೆಕ್ಯುರಿಟೈಸೇಷನ್ ಅಂಡ್ ರಿಕನ್‌ಸ್ಟ್ರಕ್ಷನ್ ಆಫ್ ಫೈನಾನ್ಷಿಯಲ್ ಅಸೆಟ್ಸ್ ಅಂಡ್ ಎನ್‌ಫೋರ್ಸ್‌ಮೆಂಟ್ ಆಫ್ ಸೆಕ್ಯುರಿಟಿ ಇಂಟರೆಸ್ಟ್ ಕಾಯ್ದೆ 2002 ರ ಅಡಿಯಲ್ಲಿ ಕೆಳಕಂಡ ಆಸ್ತಿಗಳನ್ನು 'ಎಲ್ಲಿದೆಯೋ ಹಾಗೆ, ಏನಿದೆಯೋ ಹಾಗೆ' ಆಧಾರದಲ್ಲಿ ಸಾರ್ವಜನಿಕ ಹರಾಜಿನ ಮೂಲಕ ಮಾರಾಟ ಮಾಡಲಾಗುವುದು.
04) ಸಾಲಗಾರರ ಹೆಸರು: ಶ್ರೀ ಎಸ್. ಪ್ರಕಾಶ್ ಬಿನ್ ಶಿವಣ್ಣ, ಚಾಮರಾಜಪೇಟೆ, ಬೆಂಗಳೂರು
ಸಾಲದ ಮೊತ್ತ: ರೂ. 9,00,000/- ಮತ್ತು 3,20,000/-
ಆಧಾರ ಬೆಲೆ: ರೂ. 30,00,000/-	ಹರಾಜು ದಿನಾಂಕ: 13.01.2026
ಸೆಕ್ಯುರಿಟೈಸೇಷನ್ ಅಂಡ್ ರಿಕನ್‌ಸ್ಟ್ರಕ್ಷನ್ ಆಫ್ ಫೈನಾನ್ಷಿಯಲ್ ಅಸೆಟ್ಸ್ ಅಂಡ್ ಎನ್‌ಫೋರ್ಸ್‌ಮೆಂಟ್ ಆಫ್ ಸೆಕ್ಯುರಿಟಿ ಇಂಟರೆಸ್ಟ್ ಕಾಯ್ದೆ 2002 ರ ಅಡಿಯಲ್ಲಿ ಕೆಳಕಂಡ ಆಸ್ತಿಗಳನ್ನು 'ಎಲ್ಲಿದೆಯೋ ಹಾಗೆ, ಏನಿದೆಯೋ ಹಾಗೆ' ಆಧಾರದಲ್ಲಿ ಸಾರ್ವಜನಿಕ ಹರಾಜಿನ ಮೂಲಕ ಮಾರಾಟ ಮಾಡಲಾಗುವುದು. ಹರಾಜಿನಲ್ಲಿ ಭಾಗವಹಿಸಲು ಇಚ್ಛಿಸುವವರು ಆಧಾರ ಬೆಲೆಯ ಶೇ. 10 ರಷ್ಟು ಇಎಂಡಿ ಮೊತ್ತವನ್ನು ಡಿಡಿ ಮೂಲಕ ಬ್ಯಾಂಕಿಗೆ ಸಲ್ಲಿಸಬೇಕು. ಯಶಸ್ವಿ ಬಿಡ್‌ದಾರರು ಬಿಡ್ ಮೊತ್ತದ ಶೇ. 25 ರಷ್ಟನ್ನು ತಕ್ಷಣ ಹಾಗೂ ಉಳಿದ ಮೊತ್ತವನ್ನು 15 ದಿನಗಳೊಳಗೆ ಪಾವತಿಸಬೇಕು.
05) ಸಾಲಗಾರರ ಹೆಸರು: ಶ್ರೀ. ಶಿವಕುಮಾರ್ ಕೆ.ಬಿ ಬಿನ್ ಬಸವರಾಜು, ಬನಶಂಕರಿ, ಬೆಂಗಳೂರು-26
ಸಾಲದ ಮೊತ್ತ: ರೂ. 10,00,000/- (LTL EMI : 318)
ಆಧಾರ ಬೆಲೆ: ರೂ. 9,54,434/-	ಹರಾಜು ದಿನಾಂಕ: 12.10.2023
ಸೆಕ್ಯುರಿಟೈಸೇಷನ್ ಅಂಡ್ ರಿಕನ್‌ಸ್ಟ್ರಕ್ಷನ್ ಆಫ್ ಫೈನಾನ್ಷಿಯಲ್ ಅಸೆಟ್ಸ್ ಅಂಡ್ ಎನ್‌ಫೋರ್ಸ್‌ಮೆಂಟ್ ಆಫ್ ಸೆಕ್ಯುರಿಟಿ ಇಂಟರೆಸ್ಟ್ ಕಾಯ್ದೆ 2002 ರ ಅಡಿಯಲ್ಲಿ ಕೆಳಕಂಡ ಆಸ್ತಿಗಳನ್ನು 'ಎಲ್ಲಿದೆಯೋ ಹಾಗೆ, ಏನಿದೆಯೋ ಹಾಗೆ' ಆಧಾರದಲ್ಲಿ ಸಾರ್ವಜನಿಕ ಹರಾಜಿನ ಮೂಲಕ ಮಾರಾಟ ಮಾಡಲಾಗುವುದು. ಹರಾಜಿನಲ್ಲಿ ಭಾಗವಹಿಸಲು ಇಚ್ಛಿಸುವವರು ಆಧಾರ ಬೆಲೆಯ ಶೇ. 10 ರಷ್ಟು ಇಎಂಡಿ ಮೊತ್ತವನ್ನು ಡಿಡಿ ಮೂಲಕ ಬ್ಯಾಂಕಿಗೆ ಸಲ್ಲಿಸಬೇಕು. ಯಶಸ್ವಿ ಬಿಡ್‌ದಾರರು ಬಿಡ್ ಮೊತ್ತದ ಶೇ. 25 ರಷ್ಟನ್ನು ತಕ್ಷಣ ಹಾಗೂ ಉಳಿದ ಮೊತ್ತವನ್ನು 15 ದಿನಗಳೊಳಗೆ ಪಾವತಿಸಬೇಕು. ಸೆಕ್ಯುರಿಟೈಸೇಷನ್ ಅಂಡ್ ರಿಕನ್‌ಸ್ಟ್ರಕ್ಷನ್ ಆಫ್ ಫೈನಾನ್ಷಿಯಲ್ ಅಸೆಟ್ಸ್ ಅಂಡ್ ಎನ್‌ಫೋರ್ಸ್‌ಮೆಂಟ್ ಆಫ್ ಸೆಕ್ಯುರಿಟಿ ಇಂಟರೆಸ್ಟ್ ಕಾಯ್ದೆ 2002 ರ ಅಡಿಯಲ್ಲಿ ಕೆಳಕಂಡ ಆಸ್ತಿಗಳನ್ನು 'ಎಲ್ಲಿದೆಯೋ ಹಾಗೆ, ಏನಿದೆಯೋ ಹಾಗೆ' ಆಧಾರದಲ್ಲಿ ಸಾರ್ವಜನಿಕ ಹರಾಜಿನ ಮೂಲಕ ಮಾರಾಟ ಮಾಡಲಾಗುವುದು. ಹರಾಜಿನಲ್ಲಿ ಭಾಗವಹಿಸಲು ಇಚ್ಛಿಸುವವರು ಆಧಾರ ಬೆಲೆಯ ಶೇ. 10 ರಷ್ಟು ಇಎಂಡಿ ಮೊತ್ತವನ್ನು ಡಿಡಿ ಮೂಲಕ ಬ್ಯಾಂಕಿಗೆ ಸಲ್ಲಿಸಬೇಕು. ಯಶಸ್ವಿ ಬಿಡ್‌ದಾರರು ಬಿಡ್ ಮೊತ್ತದ ಶೇ. 25 ರಷ್ಟನ್ನು ತಕ್ಷಣ ಹಾಗೂ ಉಳಿದ ಮೊತ್ತವನ್ನು 15 ದಿನಗಳೊಳಗೆ ಪಾವತಿಸಬೇಕು.
06) ಸಾಲಗಾರರ ಹೆಸರು: ಶ್ರೀ. ಸಿದ್ದರಾಜು ಬಿನ್ ಮುದ್ದಣ್ಣ, ಕೆಂಗೇರಿ, ಬೆಂಗಳೂರು
ಸಾಲದ ಮೊತ್ತ: ರೂ. 9,00,000/- (LTL-3445)
ಆಧಾರ ಬೆಲೆ: ರೂ. 5,06,566/-	ಹರಾಜು ದಿನಾಂಕ: 05.01.2021
ಸೆಕ್ಯುರಿಟೈಸೇಷನ್ ಅಂಡ್ ರಿಕನ್‌ಸ್ಟ್ರಕ್ಷನ್ ಆಫ್ ಫೈನಾನ್ಷಿಯಲ್ ಅಸೆಟ್ಸ್ ಅಂಡ್ ಎನ್‌ಫೋರ್ಸ್‌ಮೆಂಟ್ ಆಫ್ ಸೆಕ್ಯುರಿಟಿ ಇಂಟರೆಸ್ಟ್ ಕಾಯ್ದೆ 2002 ರ ಅಡಿಯಲ್ಲಿ ಕೆಳಕಂಡ ಆಸ್ತಿಗಳನ್ನು 'ಎಲ್ಲಿದೆಯೋ ಹಾಗೆ, ಏನಿದೆಯೋ ಹಾಗೆ' ಆಧಾರದಲ್ಲಿ ಸಾರ್ವಜನಿಕ ಹರಾಜಿನ ಮೂಲಕ ಮಾರಾಟ ಮಾಡಲಾಗುವುದು. ಹರಾಜಿನಲ್ಲಿ ಭಾಗವಹಿಸಲು ಇಚ್ಛಿಸುವವರು ಆಧಾರ ಬೆಲೆಯ ಶೇ. 10 ರಷ್ಟು ಇಎಂಡಿ ಮೊತ್ತವನ್ನು ಡಿಡಿ ಮೂಲಕ ಬ್ಯಾಂಕಿಗೆ ಸಲ್ಲಿಸಬೇಕು. ಯಶಸ್ವಿ ಬಿಡ್‌ದಾರರು ಬಿಡ್ ಮೊತ್ತದ ಶೇ. 25 ರಷ್ಟನ್ನು ತಕ್ಷಣ ಹಾಗೂ ಉಳಿದ ಮೊತ್ತವನ್ನು 15 ದಿನಗಳೊಳಗೆ ಪಾವತಿಸಬೇಕು. ಸೆಕ್ಯುರಿಟೈಸೇಷನ್ ಅಂಡ್ ರಿಕನ್‌ಸ್ಟ್ರಕ್ಷನ್ ಆಫ್ ಫೈನಾನ್ಷಿಯಲ್ ಅಸೆಟ್ಸ್ ಅಂಡ್ ಎನ್‌ಫೋರ್ಸ್‌ಮೆಂಟ್ ಆಫ್ ಸೆಕ್ಯುರಿಟಿ ಇಂಟರೆಸ್ಟ್ ಕಾಯ್ದೆ 2002 ರ ಅಡಿಯಲ್ಲಿ ಕೆಳಕಂಡ ಆಸ್ತಿಗಳನ್ನು 'ಎಲ್ಲಿದೆಯೋ ಹಾಗೆ, ಏನಿದೆಯೋ ಹಾಗೆ' ಆಧಾರದಲ್ಲಿ ಸಾರ್ವಜನಿಕ ಹರಾಜಿನ ಮೂಲಕ ಮಾರಾಟ ಮಾಡಲಾಗುವುದು. ಹರಾಜಿನಲ್ಲಿ ಭಾಗವಹಿಸಲು ಇಚ್ಛಿಸುವವರು ಆಧಾರ ಬೆಲೆಯ ಶೇ. 10 ರಷ್ಟು ಇಎಂಡಿ ಮೊತ್ತವನ್ನು ಡಿಡಿ ಮೂಲಕ ಬ್ಯಾಂಕಿಗೆ ಸಲ್ಲಿಸಬೇಕು. ಯಶಸ್ವಿ ಬಿಡ್‌ದಾರರು ಬಿಡ್ ಮೊತ್ತದ ಶೇ. 25 ರಷ್ಟನ್ನು ತಕ್ಷಣ ಹಾಗೂ ಉಳಿದ ಮೊತ್ತವನ್ನು 15 ದಿನಗಳೊಳಗೆ ಪಾವತಿಸಬೇಕು.
07) ಸಾಲಗಾರರ ಹೆಸರು: ಶ್ರೀ. ರಾಮಯ್ಯ ಬಿನ್ ದೊಡ್ಡಯ್ಯ, ಗಿರಿನಗರ, ಬೆಂಗಳೂರು
ಸಾಲದ ಮೊತ್ತ: ರೂ. 10,00,000/- (LTLEMI : 0033 & 0092)
ಆಧಾರ ಬೆಲೆ: ರೂ. 10,09,665/-	ಹರಾಜು ದಿನಾಂಕ: 09.03.2022
ಸೆಕ್ಯುರಿಟೈಸೇಷನ್ ಅಂಡ್ ರಿಕನ್‌ಸ್ಟ್ರಕ್ಷನ್ ಆಫ್ ಫೈನಾನ್ಷಿಯಲ್ ಅಸೆಟ್ಸ್ ಅಂಡ್ ಎನ್‌ಫೋರ್ಸ್‌ಮೆಂಟ್ ಆಫ್ ಸೆಕ್ಯುರಿಟಿ ಇಂಟರೆಸ್ಟ್ ಕಾಯ್ದೆ 2002 ರ ಅಡಿಯಲ್ಲಿ ಕೆಳಕಂಡ ಆಸ್ತಿಗಳನ್ನು 'ಎಲ್ಲಿದೆಯೋ ಹಾಗೆ, ಏನಿದೆಯೋ ಹಾಗೆ' ಆಧಾರದಲ್ಲಿ ಸಾರ್ವಜನಿಕ ಹರಾಜಿನ ಮೂಲಕ ಮಾರಾಟ ಮಾಡಲಾಗುವುದು. ಹರಾಜಿನಲ್ಲಿ ಭಾಗವಹಿಸಲು ಇಚ್ಛಿಸುವವರು ಆಧಾರ ಬೆಲೆಯ ಶೇ. 10 ರಷ್ಟು ಇಎಂಡಿ ಮೊತ್ತವನ್ನು ಡಿಡಿ ಮೂಲಕ ಬ್ಯಾಂಕಿಗೆ ಸಲ್ಲಿಸಬೇಕು. ಯಶಸ್ವಿ ಬಿಡ್‌ದಾರರು ಬಿಡ್ ಮೊತ್ತದ ಶೇ. 25 ರಷ್ಟನ್ನು ತಕ್ಷಣ ಹಾಗೂ ಉಳಿದ ಮೊತ್ತವನ್ನು 15 ದಿನಗಳೊಳಗೆ ಪಾವತಿಸಬೇಕು. ಸೆಕ್ಯುರಿಟೈಸೇಷನ್ ಅಂಡ್ ರಿಕನ್‌ಸ್ಟ್ರಕ್ಷನ್ ಆಫ್ ಫೈನಾನ್ಷಿಯಲ್ ಅಸೆಟ್ಸ್ ಅಂಡ್ ಎನ್‌ಫೋರ್ಸ್‌ಮೆಂಟ್ ಆಫ್ ಸೆಕ್ಯುರಿಟಿ ಇಂಟರೆಸ್ಟ್ ಕಾಯ್ದೆ 2002 ರ ಅಡಿಯಲ್ಲಿ ಕೆಳಕಂಡ ಆಸ್ತಿಗಳನ್ನು 'ಎಲ್ಲಿದೆಯೋ ಹಾಗೆ, ಏನಿದೆಯೋ ಹಾಗೆ' ಆಧಾರದಲ್ಲಿ ಸಾರ್ವಜನಿಕ ಹರಾಜಿನ ಮೂಲಕ ಮಾರಾಟ ಮಾಡಲಾಗುವುದು. ಹರಾಜಿನಲ್ಲಿ ಭಾಗವಹಿಸಲು ಇಚ್ಛಿಸುವವರು ಆಧಾರ ಬೆಲೆಯ ಶೇ. 10 ರಷ್ಟು ಇಎಂಡಿ ಮೊತ್ತವನ್ನು ಡಿಡಿ ಮೂಲಕ ಬ್ಯಾಂಕಿಗೆ ಸಲ್ಲಿಸಬೇಕು. ಯಶಸ್ವಿ ಬಿಡ್‌ದಾರರು ಬಿಡ್ ಮೊತ್ತದ ಶೇ. 25 ರಷ್ಟನ್ನು ತಕ್ಷಣ ಹಾಗೂ ಉಳಿದ ಮೊತ್ತವನ್ನು 15 ದಿನಗಳೊಳಗೆ ಪಾವತಿಸಬೇಕು.
08) ಸಾಲಗಾರರ ಹೆಸರು: ಶ್ರೀ. ನಾಗರಾಜು ಬಿನ್ ವೆಂಕಟಪ್ಪ, ಹನುಮಂತನಗರ, ಬೆಂಗಳೂರು
ಸಾಲದ ಮೊತ್ತ: ರೂ. 15,00,000/- (LTL EMI : 109)
ಆಧಾರ ಬೆಲೆ: ರೂ. 15,14,800/-	ಹರಾಜು ದಿನಾಂಕ: 29.02.2024
ಸೆಕ್ಯುರಿಟೈಸೇಷನ್ ಅಂಡ್ ರಿಕನ್‌ಸ್ಟ್ರಕ್ಷನ್ ಆಫ್ ಫೈನಾನ್ಷಿಯಲ್ ಅಸೆಟ್ಸ್ ಅಂಡ್ ಎನ್‌ಫೋರ್ಸ್‌ಮೆಂಟ್ ಆಫ್ ಸೆಕ್ಯುರಿಟಿ ಇಂಟರೆಸ್ಟ್ ಕಾಯ್ದೆ 2002 ರ ಅಡಿಯಲ್ಲಿ ಕೆಳಕಂಡ ಆಸ್ತಿಗಳನ್ನು 'ಎಲ್ಲಿದೆಯೋ ಹಾಗೆ, ಏನಿದೆಯೋ ಹಾಗೆ' ಆಧಾರದಲ್ಲಿ ಸಾರ್ವಜನಿಕ ಹರಾಜಿನ ಮೂಲಕ ಮಾರಾಟ ಮಾಡಲಾಗುವುದು. ಹರಾಜಿನಲ್ಲಿ ಭಾಗವಹಿಸಲು ಇಚ್ಛಿಸುವವರು ಆಧಾರ ಬೆಲೆಯ ಶೇ. 10 ರಷ್ಟು ಇಎಂಡಿ ಮೊತ್ತವನ್ನು ಡಿಡಿ ಮೂಲಕ ಬ್ಯಾಂಕಿಗೆ ಸಲ್ಲಿಸಬೇಕು. ಯಶಸ್ವಿ ಬಿಡ್‌ದಾರರು ಬಿಡ್ ಮೊತ್ತದ ಶೇ. 25 ರಷ್ಟನ್ನು ತಕ್ಷಣ ಹಾಗೂ ಉಳಿದ ಮೊತ್ತವನ್ನು 15 ದಿನಗಳೊಳಗೆ ಪಾವತಿಸಬೇಕು. ಸೆಕ್ಯುರಿಟೈಸೇಷನ್ ಅಂಡ್ ರಿಕನ್‌ಸ್ಟ್ರಕ್ಷನ್ ಆಫ್ ಫೈನಾನ್ಷಿಯಲ್ ಅಸೆಟ್ಸ್ ಅಂಡ್ ಎನ್‌ಫೋರ್ಸ್‌ಮೆಂಟ್ ಆಫ್ ಸೆಕ್ಯುರಿಟಿ ಇಂಟರೆಸ್ಟ್ ಕಾಯ್ದೆ 2002 ರ ಅಡಿಯಲ್ಲಿ ಕೆಳಕಂಡ ಆಸ್ತಿಗಳನ್ನು 'ಎಲ್ಲಿದೆಯೋ ಹಾಗೆ, ಏನಿದೆಯೋ ಹಾಗೆ' ಆಧಾರದಲ್ಲಿ ಸಾರ್ವಜನಿಕ ಹರಾಜಿನ ಮೂಲಕ ಮಾರಾಟ ಮಾಡಲಾಗುವುದು.
ಹರಾಜಿನಲ್ಲಿ ಭಾಗವಹಿಸಲು ಇಚ್ಛಿಸುವವರು ಆಧಾರ ಬೆಲೆಯ ಶೇ. 10 ರಷ್ಟು ಇಎಂಡಿ ಮೊತ್ತವನ್ನು ಡಿಡಿ ಮೂಲಕ ಬ್ಯಾಂಕಿಗೆ ಸಲ್ಲಿಸಬೇಕು. ಯಶಸ್ವಿ ಬಿಡ್‌ದಾರರು ಬಿಡ್ ಮೊತ್ತದ ಶೇ. 25 ರಷ್ಟನ್ನು ತಕ್ಷಣ ಹಾಗೂ ಉಳಿದ ಮೊತ್ತವನ್ನು 15 ದಿನಗಳೊಳಗೆ ಪಾವತಿಸಬೇಕು.
ದಿನಾಂಕ: 29.11.2025
ಸ್ಥಳ : ಬೆಂಗಳೂರು
ಸಹಿ/- ಅಧಿಕೃತ ಅಧಿಕಾರಿ, ದಿ ಬೆಂಗಳೂರು ಸಿಟಿ ಕೋ-ಆಪರೇಟಿವ್ ಬ್ಯಾಂಕ್ ಲಿ.
